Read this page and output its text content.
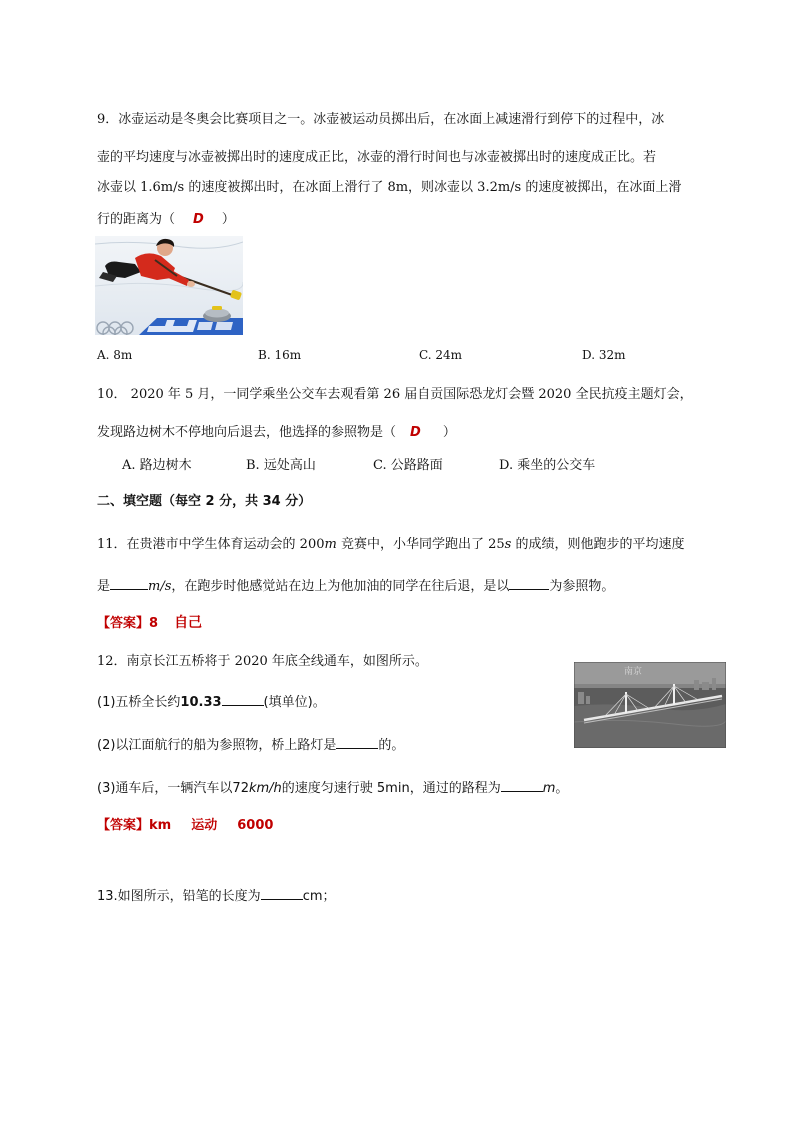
9．冰壶运动是冬奥会比赛项目之一。冰壶被运动员掷出后，在冰面上减速滑行到停下的过程中，冰
壶的平均速度与冰壶被掷出时的速度成正比，冰壶的滑行时间也与冰壶被掷出时的速度成正比。若
冰壶以 1.6m/s 的速度被掷出时，在冰面上滑行了 8m，则冰壶以 3.2m/s 的速度被掷出，在冰面上滑
行的距离为（ D ）
A. 8m	B. 16m	C. 24m	D. 32m
10． 2020 年 5 月，一同学乘坐公交车去观看第 26 届自贡国际恐龙灯会暨 2020 全民抗疫主题灯会，
发现路边树木不停地向后退去，他选择的参照物是（ D ）
A. 路边树木	B. 远处高山	C. 公路路面	D. 乘坐的公交车
二、填空题（每空 2 分，共 34 分）
11．在贵港市中学生体育运动会的 200m 竞赛中，小华同学跑出了 25s 的成绩，则他跑步的平均速度
是	m/s，在跑步时他感觉站在边上为他加油的同学在往后退，是以	为参照物。
【答案】8 自己
12．南京长江五桥将于 2020 年底全线通车，如图所示。
(1)五桥全长约10.33	(填单位)。
(2)以江面航行的船为参照物，桥上路灯是	的。
(3)通车后，一辆汽车以72km/h的速度匀速行驶 5min，通过的路程为	m。
【答案】km 运动 6000
南京
13.如图所示，铅笔的长度为	cm；
